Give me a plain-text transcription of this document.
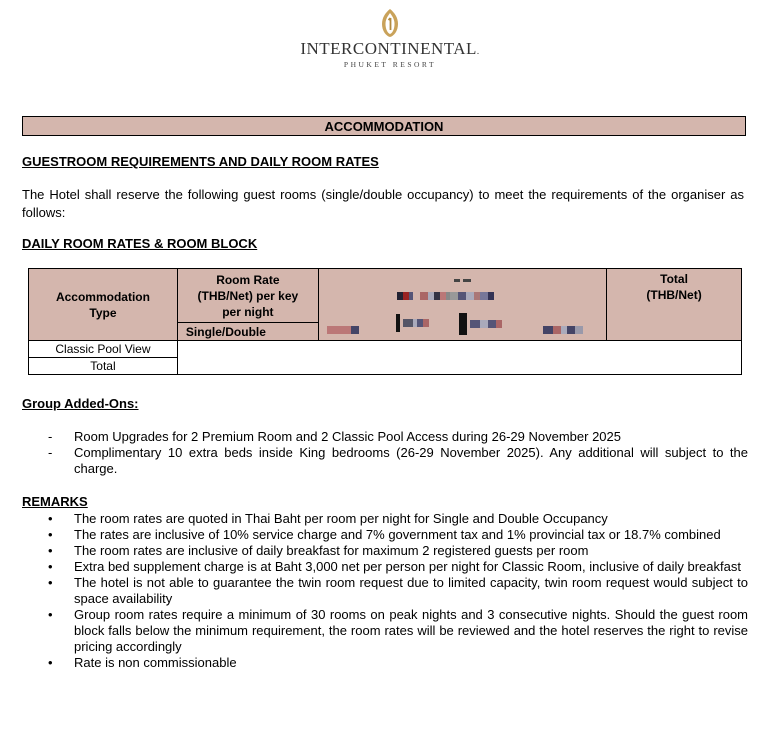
INTERCONTINENTAL.
PHUKET RESORT
ACCOMMODATION
GUESTROOM REQUIREMENTS AND DAILY ROOM RATES
The Hotel shall reserve the following guest rooms (single/double occupancy) to meet the requirements of the organiser as follows:
DAILY ROOM RATES & ROOM BLOCK
Accommodation Type	Room Rate (THB/Net) per key per night					Total (THB/Net)

	Single/Double					
Classic Pool View						
Total						
Group Added-Ons:
-	Room Upgrades for 2 Premium Room and 2 Classic Pool Access during 26-29 November 2025
-	Complimentary 10 extra beds inside King bedrooms (26-29 November 2025). Any additional will subject to the charge.
REMARKS
•	The room rates are quoted in Thai Baht per room per night for Single and Double Occupancy
•	The rates are inclusive of 10% service charge and 7% government tax and 1% provincial tax or 18.7% combined
•	The room rates are inclusive of daily breakfast for maximum 2 registered guests per room
•	Extra bed supplement charge is at Baht 3,000 net per person per night for Classic Room, inclusive of daily breakfast
•	The hotel is not able to guarantee the twin room request due to limited capacity, twin room request would subject to space availability
•	Group room rates require a minimum of 30 rooms on peak nights and 3 consecutive nights. Should the guest room block falls below the minimum requirement, the room rates will be reviewed and the hotel reserves the right to revise pricing accordingly
•	Rate is non commissionable
